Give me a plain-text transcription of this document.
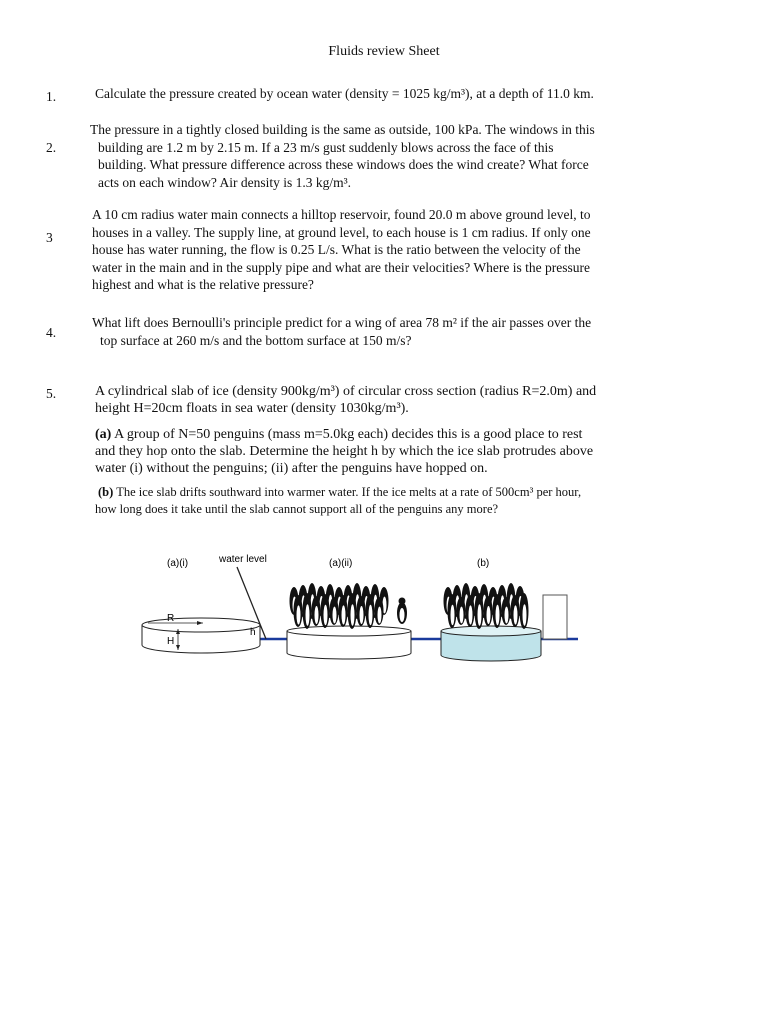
Fluids review Sheet
1.	Calculate the pressure created by ocean water (density = 1025 kg/m³), at a depth of 11.0 km.
2.
The pressure in a tightly closed building is the same as outside, 100 kPa. The windows in this
building are 1.2 m by 2.15 m. If a 23 m/s gust suddenly blows across the face of this
building. What pressure difference across these windows does the wind create? What force
acts on each window? Air density is 1.3 kg/m³.
3
A 10 cm radius water main connects a hilltop reservoir, found 20.0 m above ground level, to
houses in a valley. The supply line, at ground level, to each house is 1 cm radius. If only one
house has water running, the flow is 0.25 L/s. What is the ratio between the velocity of the
water in the main and in the supply pipe and what are their velocities? Where is the pressure
highest and what is the relative pressure?
4.
What lift does Bernoulli's principle predict for a wing of area 78 m² if the air passes over the
top surface at 260 m/s and the bottom surface at 150 m/s?
5.	A cylindrical slab of ice (density 900kg/m³) of circular cross section (radius R=2.0m) and
height H=20cm floats in sea water (density 1030kg/m³).
(a) A group of N=50 penguins (mass m=5.0kg each) decides this is a good place to rest
and they hop onto the slab. Determine the height h by which the ice slab protrudes above
water (i) without the penguins; (ii) after the penguins have hopped on.
(b) The ice slab drifts southward into warmer water. If the ice melts at a rate of 500cm³ per hour,
how long does it take until the slab cannot support all of the penguins any more?
(a)(i)	water level	(a)(ii)	(b)
R
H
h
